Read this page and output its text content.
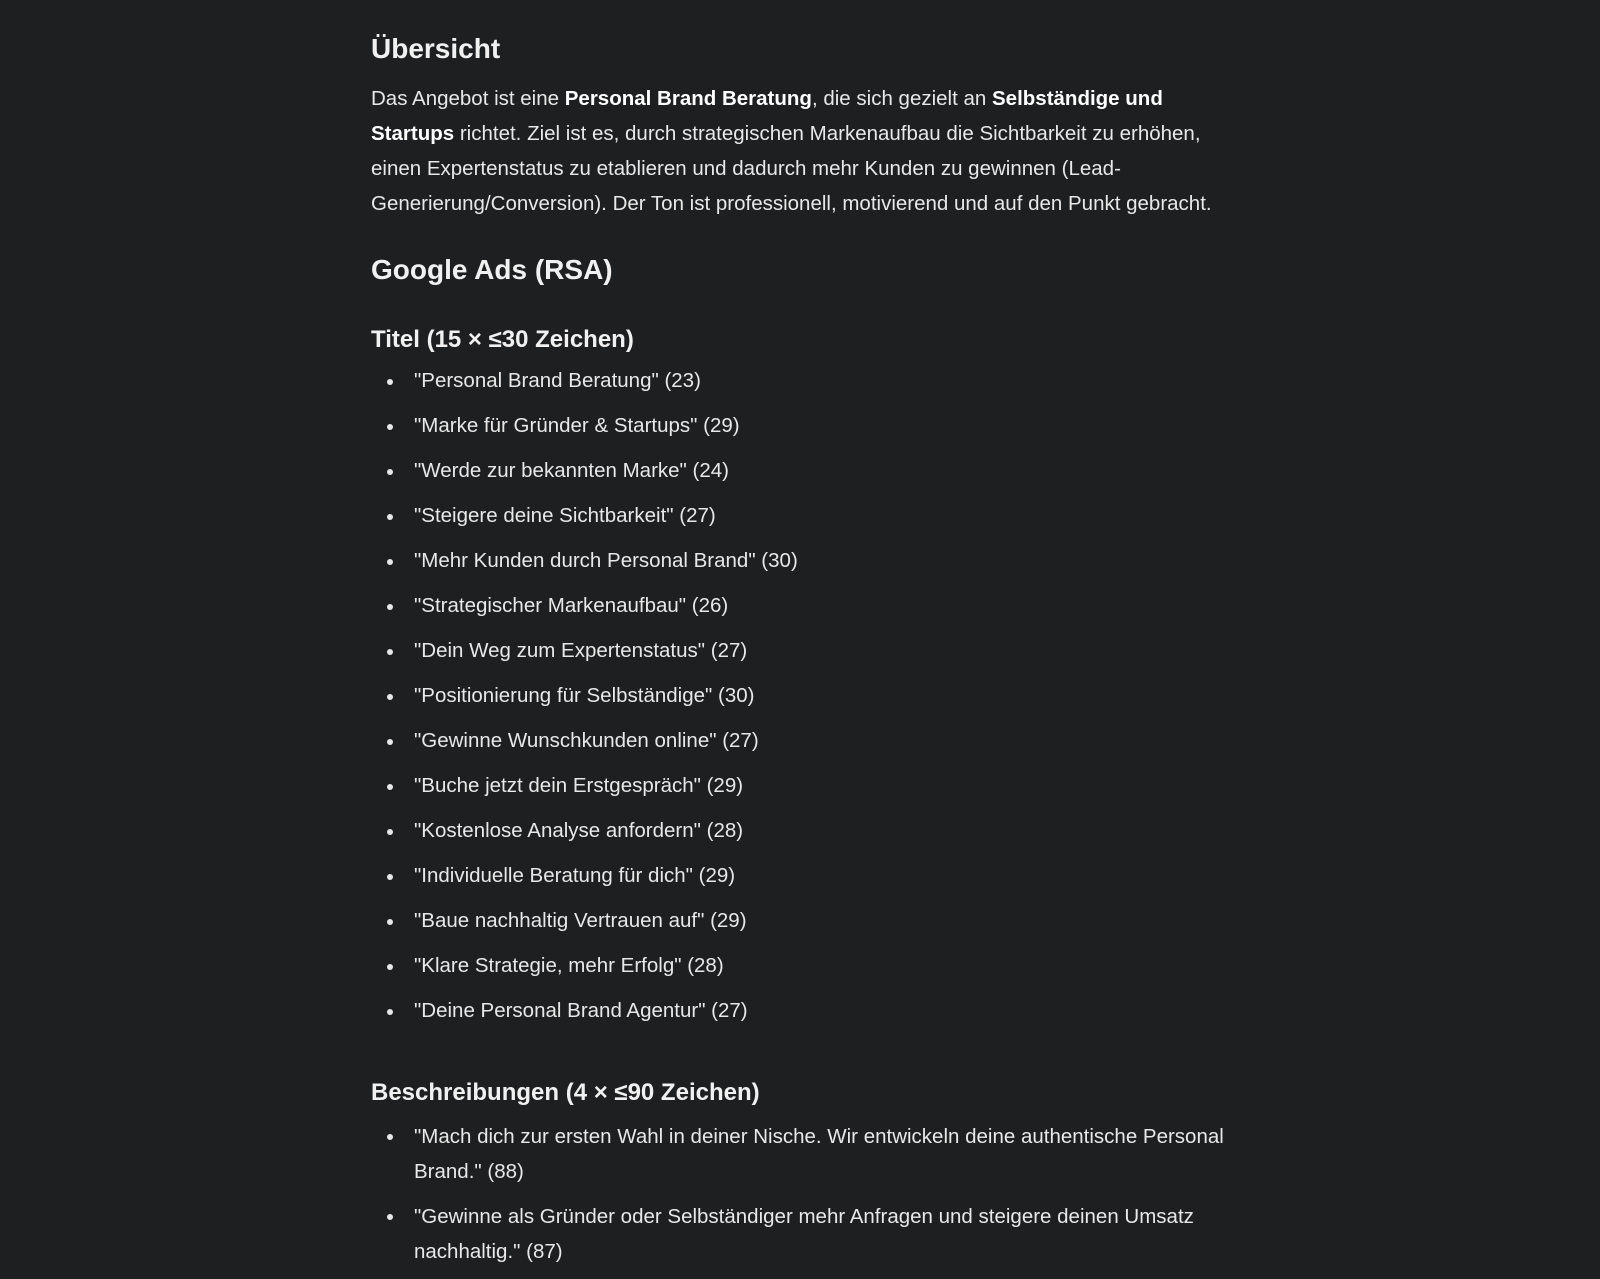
Übersicht

Das Angebot ist eine Personal Brand Beratung, die sich gezielt an Selbständige und Startups richtet. Ziel ist es, durch strategischen Markenaufbau die Sichtbarkeit zu erhöhen, einen Expertenstatus zu etablieren und dadurch mehr Kunden zu gewinnen (Lead-Generierung/Conversion). Der Ton ist professionell, motivierend und auf den Punkt gebracht.

Google Ads (RSA)
Titel (15 × ≤30 Zeichen)
"Personal Brand Beratung" (23)
"Marke für Gründer & Startups" (29)
"Werde zur bekannten Marke" (24)
"Steigere deine Sichtbarkeit" (27)
"Mehr Kunden durch Personal Brand" (30)
"Strategischer Markenaufbau" (26)
"Dein Weg zum Expertenstatus" (27)
"Positionierung für Selbständige" (30)
"Gewinne Wunschkunden online" (27)
"Buche jetzt dein Erstgespräch" (29)
"Kostenlose Analyse anfordern" (28)
"Individuelle Beratung für dich" (29)
"Baue nachhaltig Vertrauen auf" (29)
"Klare Strategie, mehr Erfolg" (28)
"Deine Personal Brand Agentur" (27)
Beschreibungen (4 × ≤90 Zeichen)
"Mach dich zur ersten Wahl in deiner Nische. Wir entwickeln deine authentische Personal Brand." (88)
"Gewinne als Gründer oder Selbständiger mehr Anfragen und steigere deinen Umsatz nachhaltig." (87)
